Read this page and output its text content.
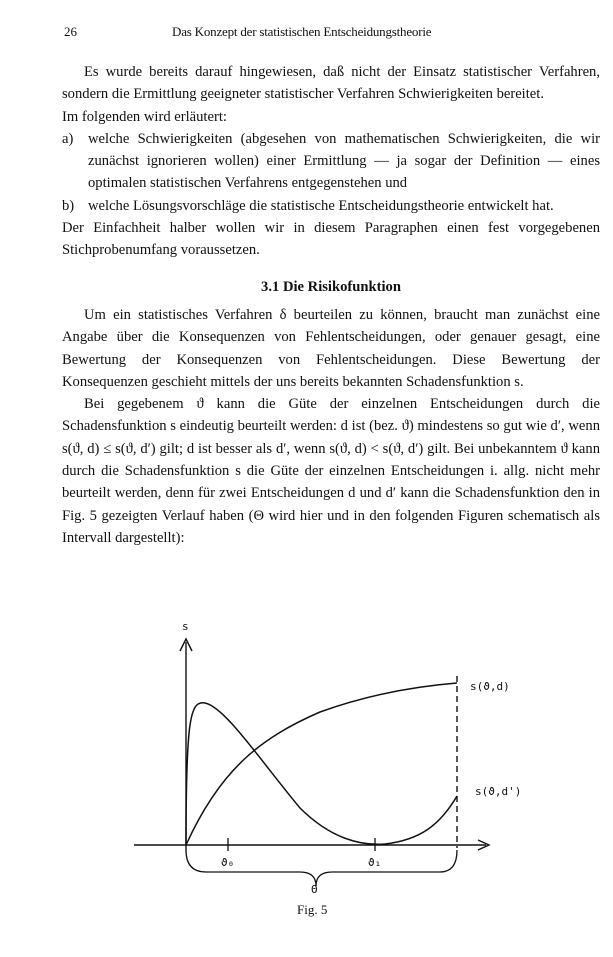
26	Das Konzept der statistischen Entscheidungstheorie

Es wurde bereits darauf hingewiesen, daß nicht der Einsatz statistischer Verfahren, sondern die Ermittlung geeigneter statistischer Verfahren Schwierigkeiten bereitet.

Im folgenden wird erläutert:

a) welche Schwierigkeiten (abgesehen von mathematischen Schwierigkeiten, die wir zunächst ignorieren wollen) einer Ermittlung — ja sogar der Definition — eines optimalen statistischen Verfahrens entgegenstehen und
b) welche Lösungsvorschläge die statistische Entscheidungstheorie entwickelt hat.

Der Einfachheit halber wollen wir in diesem Paragraphen einen fest vorgegebenen Stichprobenumfang voraussetzen.

3.1 Die Risikofunktion

Um ein statistisches Verfahren δ beurteilen zu können, braucht man zunächst eine Angabe über die Konsequenzen von Fehlentscheidungen, oder genauer gesagt, eine Bewertung der Konsequenzen von Fehlentscheidungen. Diese Bewertung der Konsequenzen geschieht mittels der uns bereits bekannten Schadensfunktion s.

Bei gegebenem ϑ kann die Güte der einzelnen Entscheidungen durch die Schadensfunktion s eindeutig beurteilt werden: d ist (bez. ϑ) mindestens so gut wie d′, wenn s(ϑ, d) ≤ s(ϑ, d′) gilt; d ist besser als d′, wenn s(ϑ, d) < s(ϑ, d′) gilt. Bei unbekanntem ϑ kann durch die Schadensfunktion s die Güte der einzelnen Entscheidungen i. allg. nicht mehr beurteilt werden, denn für zwei Entscheidungen d und d′ kann die Schadensfunktion den in Fig. 5 gezeigten Verlauf haben (Θ wird hier und in den folgenden Figuren schematisch als Intervall dargestellt):

s
ϑ₀	ϑ₁
s(ϑ,d)
s(ϑ,d')
Θ
Fig. 5
